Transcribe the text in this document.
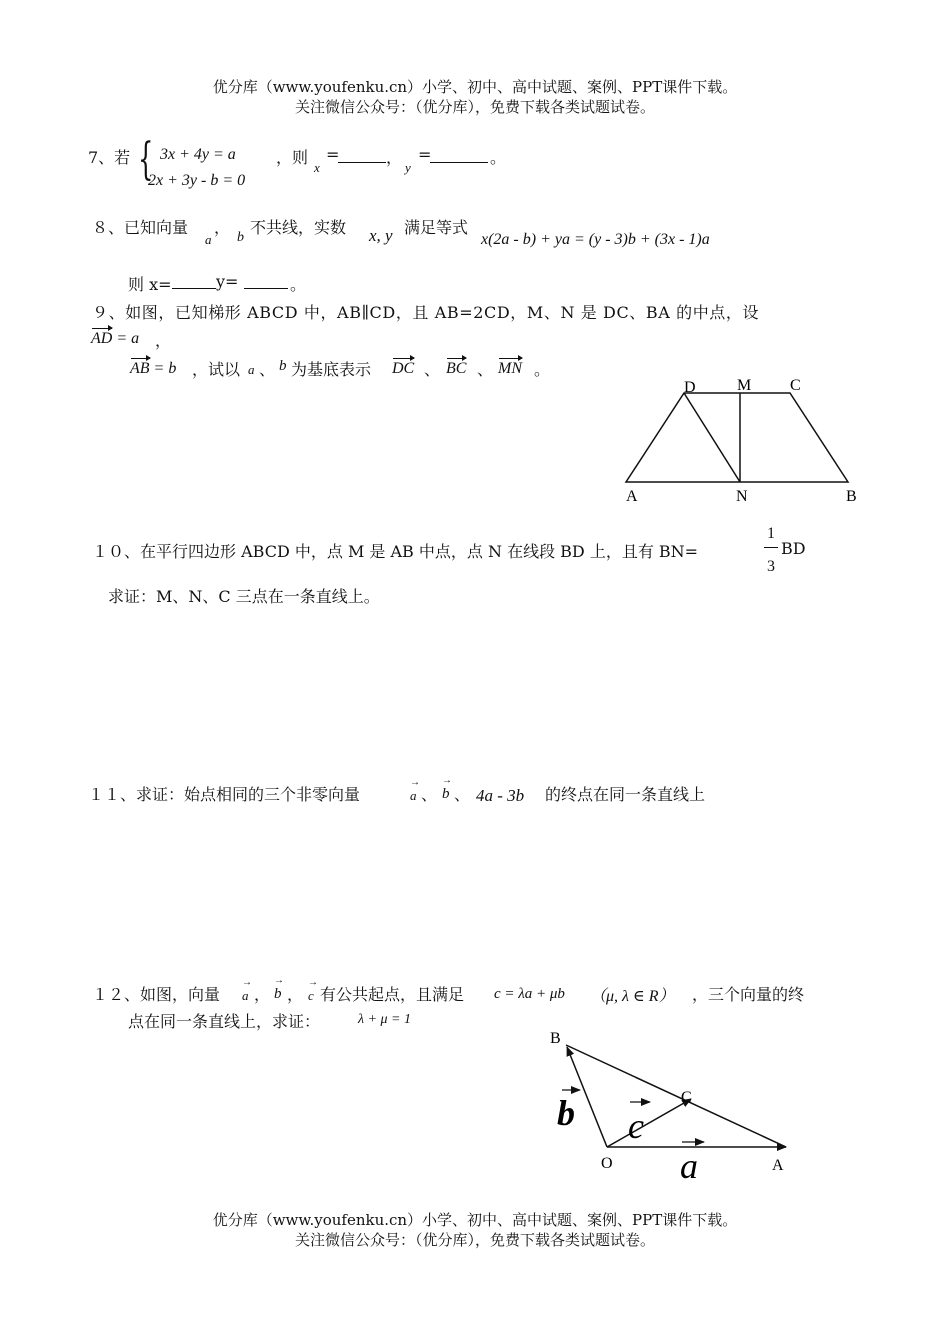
优分库（www.youfenku.cn）小学、初中、高中试题、案例、PPT课件下载。
关注微信公众号：（优分库），免费下载各类试题试卷。
7、若 { 3x + 4y = a
2x + 3y - b = 0
，则
x
=	，
y
=	。
８、已知向量
a
，
b
不共线，实数 x, y 满足等式
x(2a - b) + ya = (y - 3)b + (3x - 1)a
则 x=	y=	。
９、如图，已知梯形 ABCD 中，AB∥CD，且 AB=2CD，M、N 是 DC、BA 的中点，设
AD = a ，
AB = b ，试以 a 、 b 为基底表示 DC 、 BC 、 MN 。
D	M C
A	N	B
１０、在平行四边形 ABCD 中，点 M 是 AB 中点，点 N 在线段 BD 上，且有 BN=
1
3
BD
求证：M、N、C 三点在一条直线上。
１１、求证：始点相同的三个非零向量	→ a 、 → b 、 4a - 3b 的终点在同一条直线上
１２、如图，向量 → a ， → b ， → c 有公共起点，且满足 c = λa + μb （μ, λ ∈ R） ，三个向量的终
点在同一条直线上，求证：	λ + μ = 1
B
C
O	A
b c
a
优分库（www.youfenku.cn）小学、初中、高中试题、案例、PPT课件下载。
关注微信公众号：（优分库），免费下载各类试题试卷。
